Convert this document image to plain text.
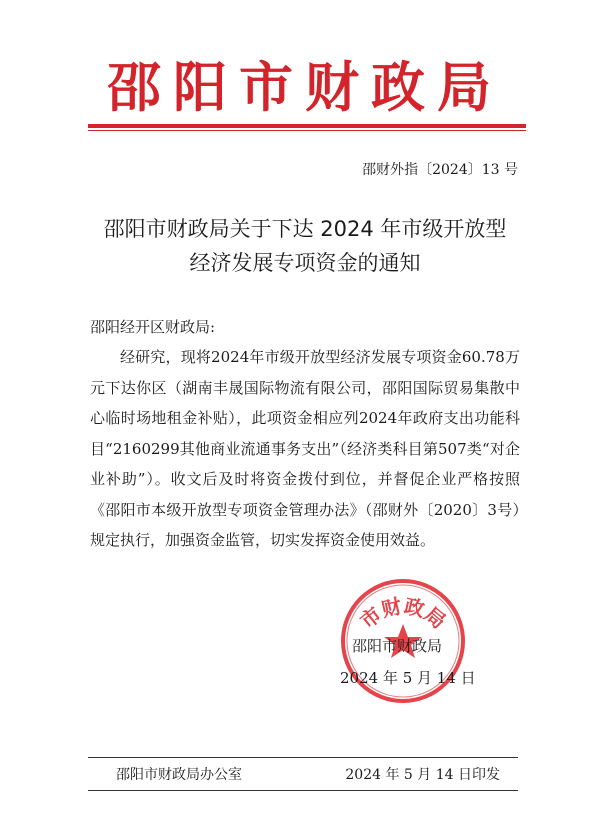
邵阳市财政局
邵财外指〔2024〕13 号
邵阳市财政局关于下达 2024 年市级开放型
经济发展专项资金的通知
邵阳经开区财政局:
经研究，现将2024年市级开放型经济发展专项资金60.78万元下达你区（湖南丰晟国际物流有限公司，邵阳国际贸易集散中心临时场地租金补贴），此项资金相应列2024年政府支出功能科目“2160299其他商业流通事务支出”（经济类科目第507类“对企业补助”）。收文后及时将资金拨付到位，并督促企业严格按照《邵阳市本级开放型专项资金管理办法》（邵财外〔2020〕3号）规定执行，加强资金监管，切实发挥资金使用效益。
市财政局
邵阳市财政局
2024 年 5 月 14 日
邵阳市财政局办公室	2024 年 5 月 14 日印发
